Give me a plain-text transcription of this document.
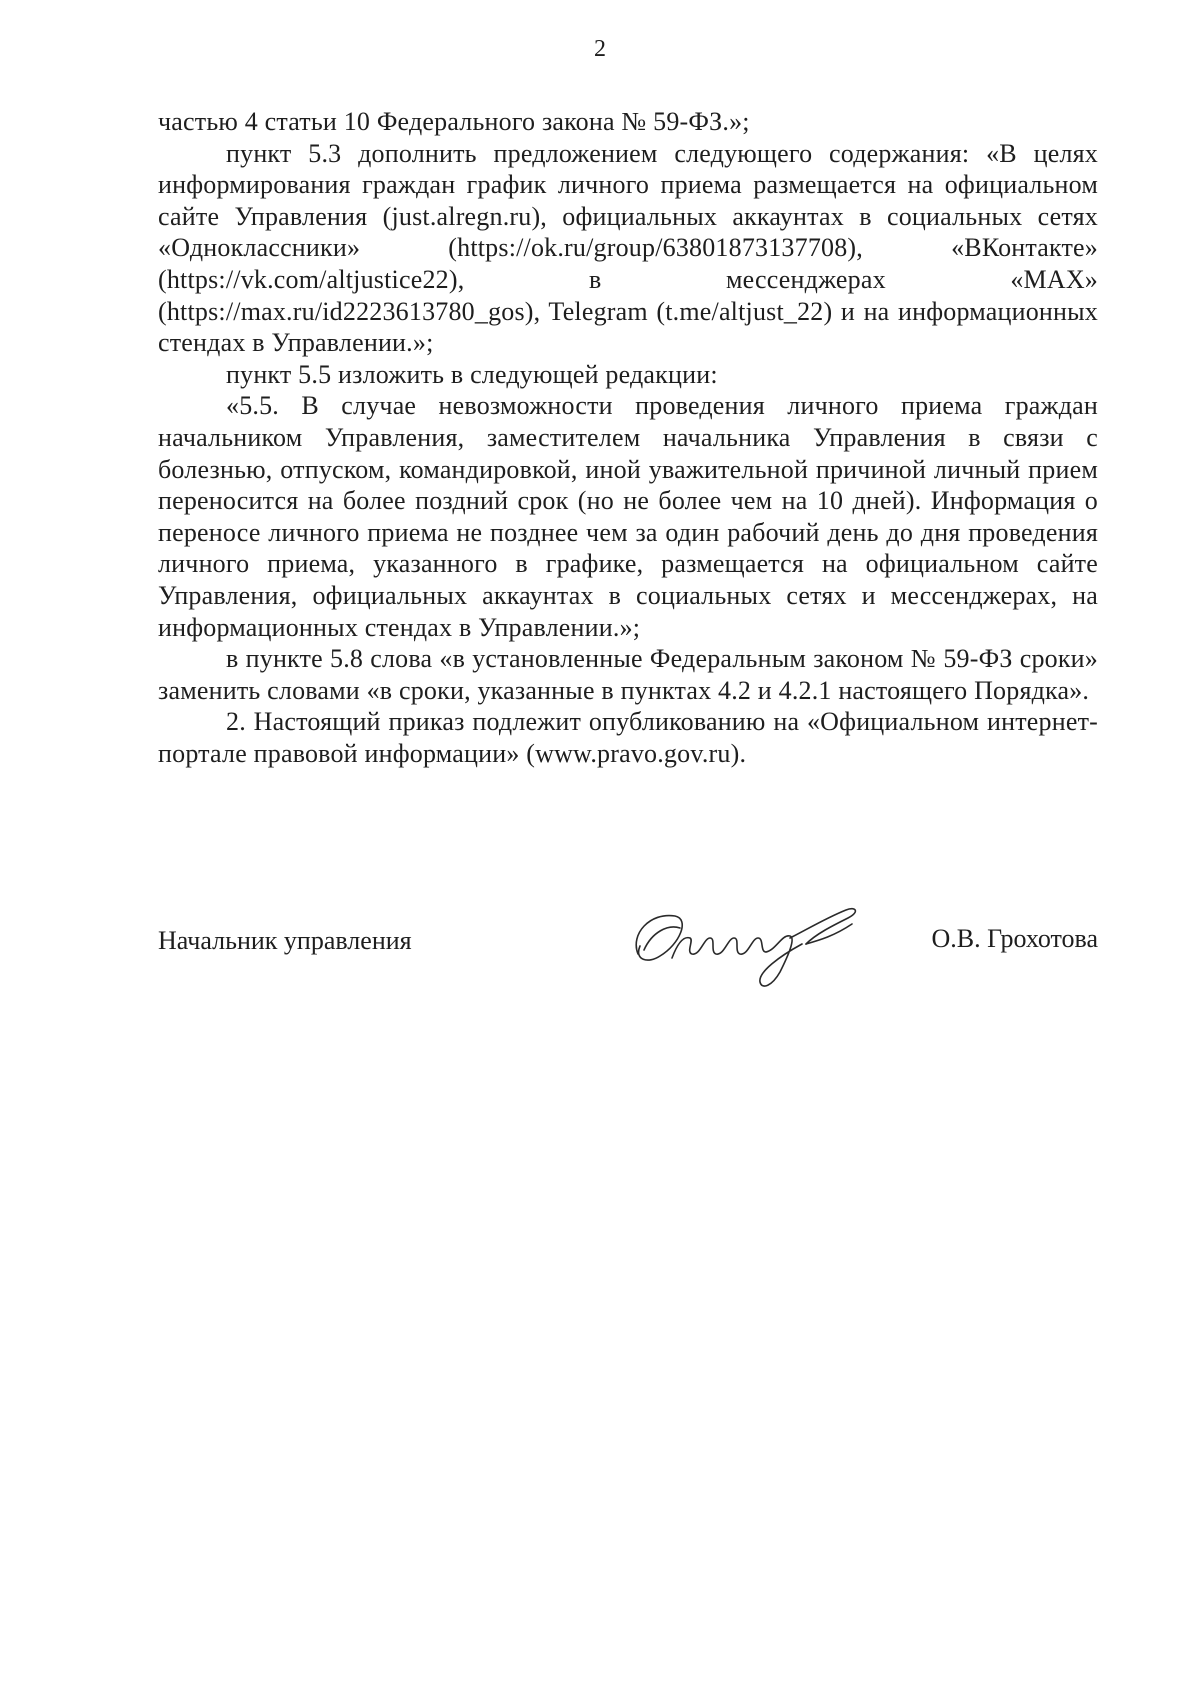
2

частью 4 статьи 10 Федерального закона № 59-ФЗ.»;

пункт 5.3 дополнить предложением следующего содержания: «В целях информирования граждан график личного приема размещается на официальном сайте Управления (just.alregn.ru), официальных аккаунтах в социальных сетях «Одноклассники» (https://ok.ru/group/63801873137708), «ВКонтакте» (https://vk.com/altjustice22), в мессенджерах «MAX» (https://max.ru/id2223613780_gos), Telegram (t.me/altjust_22) и на информационных стендах в Управлении.»;

пункт 5.5 изложить в следующей редакции:

«5.5. В случае невозможности проведения личного приема граждан начальником Управления, заместителем начальника Управления в связи с болезнью, отпуском, командировкой, иной уважительной причиной личный прием переносится на более поздний срок (но не более чем на 10 дней). Информация о переносе личного приема не позднее чем за один рабочий день до дня проведения личного приема, указанного в графике, размещается на официальном сайте Управления, официальных аккаунтах в социальных сетях и мессенджерах, на информационных стендах в Управлении.»;

в пункте 5.8 слова «в установленные Федеральным законом № 59-ФЗ сроки» заменить словами «в сроки, указанные в пунктах 4.2 и 4.2.1 настоящего Порядка».

2. Настоящий приказ подлежит опубликованию на «Официальном интернет-портале правовой информации» (www.pravo.gov.ru).

Начальник управления	О.В. Грохотова
